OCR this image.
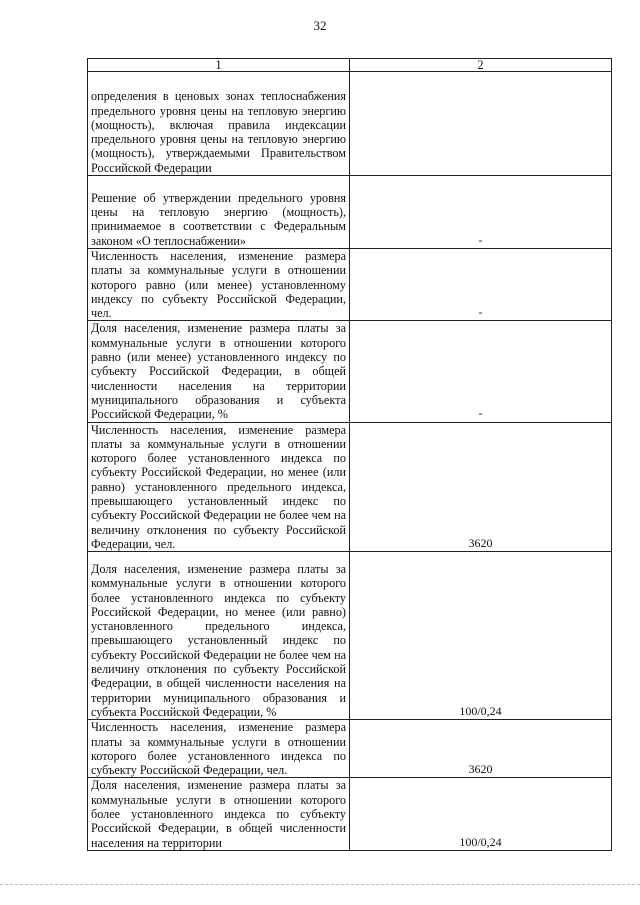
32
1	2
определения в ценовых зонах теплоснабжения предельного уровня цены на тепловую энергию (мощность), включая правила индексации предельного уровня цены на тепловую энергию (мощность), утверждаемыми Правительством Российской Федерации	
Решение об утверждении предельного уровня цены на тепловую энергию (мощность), принимаемое в соответствии с Федеральным законом «О теплоснабжении»	-
Численность населения, изменение размера платы за коммунальные услуги в отношении которого равно (или менее) установленному индексу по субъекту Российской Федерации, чел.	-
Доля населения, изменение размера платы за коммунальные услуги в отношении которого равно (или менее) установленного индексу по субъекту Российской Федерации, в общей численности населения на территории муниципального образования и субъекта Российской Федерации, %	-
Численность населения, изменение размера платы за коммунальные услуги в отношении которого более установленного индекса по субъекту Российской Федерации, но менее (или равно) установленного предельного индекса, превышающего установленный индекс по субъекту Российской Федерации не более чем на величину отклонения по субъекту Российской Федерации, чел.	3620
Доля населения, изменение размера платы за коммунальные услуги в отношении которого более установленного индекса по субъекту Российской Федерации, но менее (или равно) установленного предельного индекса, превышающего установленный индекс по субъекту Российской Федерации не более чем на величину отклонения по субъекту Российской Федерации, в общей численности населения на территории муниципального образования и субъекта Российской Федерации, %	100/0,24
Численность населения, изменение размера платы за коммунальные услуги в отношении которого более установленного индекса по субъекту Российской Федерации, чел.	3620
Доля населения, изменение размера платы за коммунальные услуги в отношении которого более установленного индекса по субъекту Российской Федерации, в общей численности населения на территории	100/0,24
